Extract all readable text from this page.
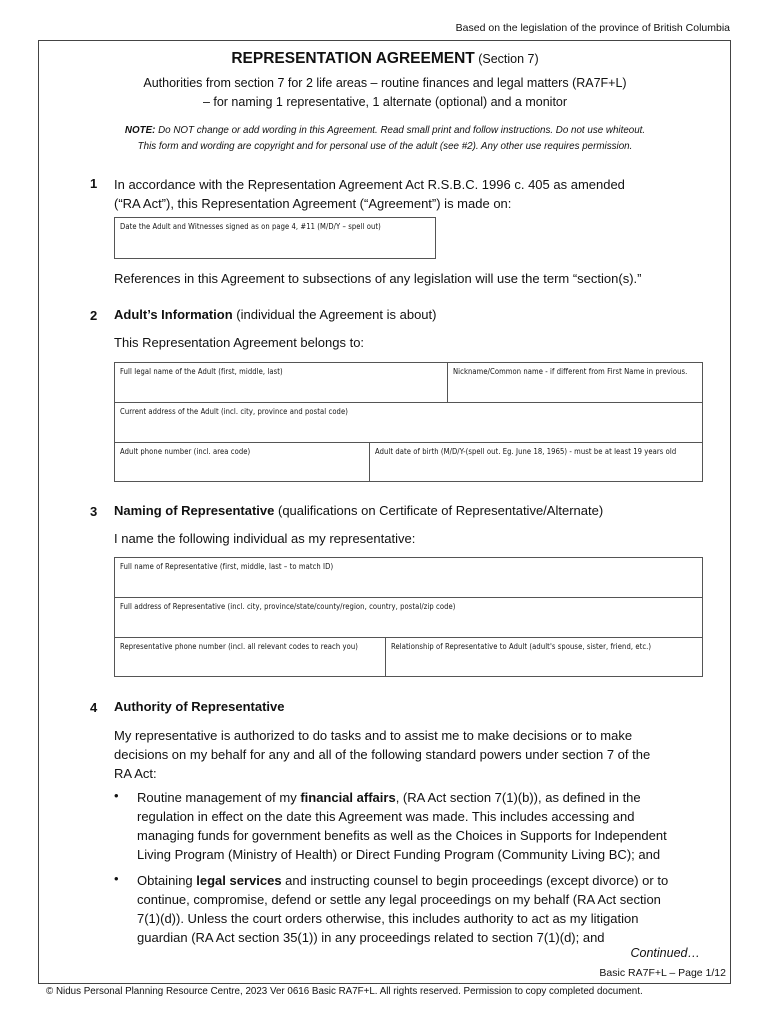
Based on the legislation of the province of British Columbia
REPRESENTATION AGREEMENT (Section 7)
Authorities from section 7 for 2 life areas – routine finances and legal matters (RA7F+L)
– for naming 1 representative, 1 alternate (optional) and a monitor
NOTE: Do NOT change or add wording in this Agreement. Read small print and follow instructions. Do not use whiteout.
This form and wording are copyright and for personal use of the adult (see #2). Any other use requires permission.
1 In accordance with the Representation Agreement Act R.S.B.C. 1996 c. 405 as amended
(“RA Act”), this Representation Agreement (“Agreement”) is made on:
Date the Adult and Witnesses signed as on page 4, #11 (M/D/Y – spell out)
References in this Agreement to subsections of any legislation will use the term “section(s).”
2 Adult’s Information (individual the Agreement is about)
This Representation Agreement belongs to:
Full legal name of the Adult (first, middle, last)	Nickname/Common name - if different from First Name in previous.
Current address of the Adult (incl. city, province and postal code)
Adult phone number (incl. area code)	Adult date of birth (M/D/Y-(spell out. Eg. June 18, 1965) - must be at least 19 years old
3 Naming of Representative (qualifications on Certificate of Representative/Alternate)
I name the following individual as my representative:
Full name of Representative (first, middle, last – to match ID)
Full address of Representative (incl. city, province/state/county/region, country, postal/zip code)
Representative phone number (incl. all relevant codes to reach you)	Relationship of Representative to Adult (adult's spouse, sister, friend, etc.)
4 Authority of Representative
My representative is authorized to do tasks and to assist me to make decisions or to make
decisions on my behalf for any and all of the following standard powers under section 7 of the
RA Act:
• Routine management of my financial affairs, (RA Act section 7(1)(b)), as defined in the
regulation in effect on the date this Agreement was made. This includes accessing and
managing funds for government benefits as well as the Choices in Supports for Independent
Living Program (Ministry of Health) or Direct Funding Program (Community Living BC); and
• Obtaining legal services and instructing counsel to begin proceedings (except divorce) or to
continue, compromise, defend or settle any legal proceedings on my behalf (RA Act section
7(1)(d)). Unless the court orders otherwise, this includes authority to act as my litigation
guardian (RA Act section 35(1)) in any proceedings related to section 7(1)(d); and
Continued…
Basic RA7F+L – Page 1/12
© Nidus Personal Planning Resource Centre, 2023 Ver 0616 Basic RA7F+L. All rights reserved. Permission to copy completed document.
